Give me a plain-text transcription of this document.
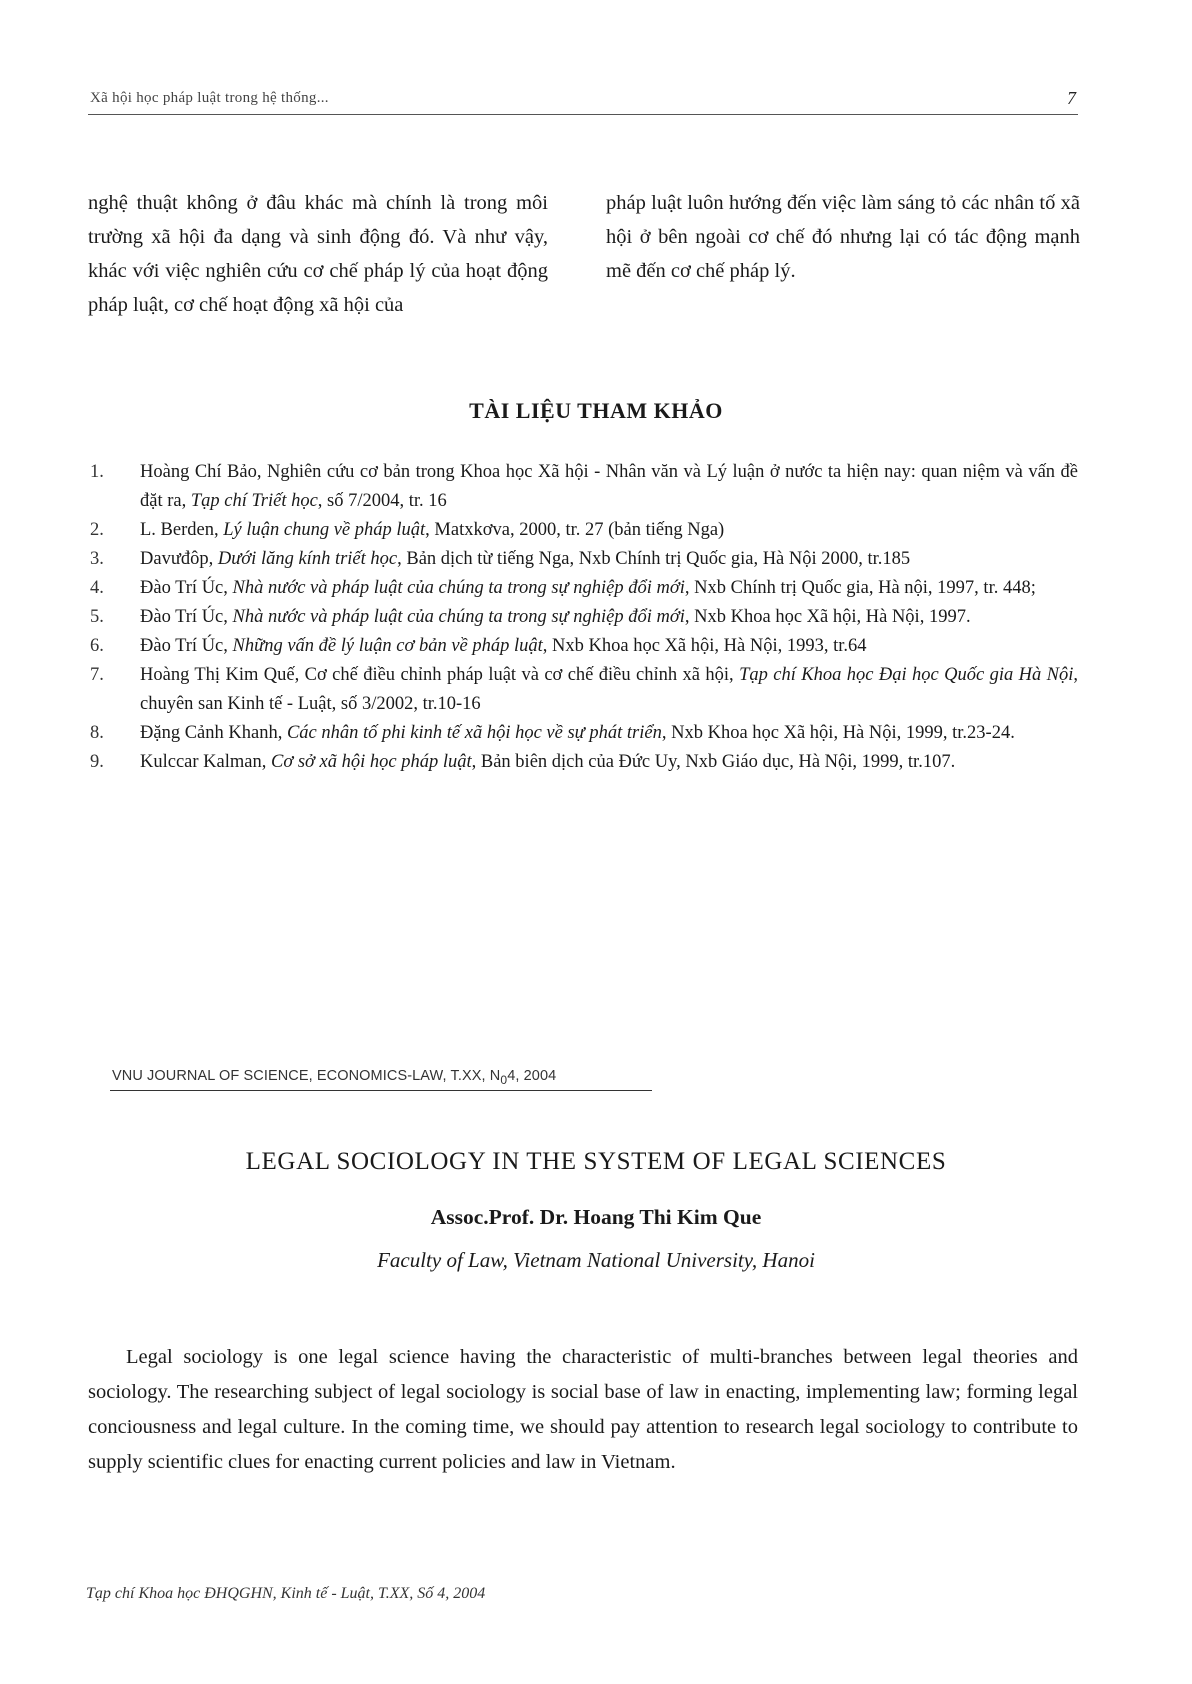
Xã hội học pháp luật trong hệ thống...	7
nghệ thuật không ở đâu khác mà chính là trong môi trường xã hội đa dạng và sinh động đó. Và như vậy, khác với việc nghiên cứu cơ chế pháp lý của hoạt động pháp luật, cơ chế hoạt động xã hội của
pháp luật luôn hướng đến việc làm sáng tỏ các nhân tố xã hội ở bên ngoài cơ chế đó nhưng lại có tác động mạnh mẽ đến cơ chế pháp lý.
TÀI LIỆU THAM KHẢO
1. Hoàng Chí Bảo, Nghiên cứu cơ bản trong Khoa học Xã hội - Nhân văn và Lý luận ở nước ta hiện nay: quan niệm và vấn đề đặt ra, Tạp chí Triết học, số 7/2004, tr. 16
2. L. Berden, Lý luận chung về pháp luật, Matxkơva, 2000, tr. 27 (bản tiếng Nga)
3. Davưđôp, Dưới lăng kính triết học, Bản dịch từ tiếng Nga, Nxb Chính trị Quốc gia, Hà Nội 2000, tr.185
4. Đào Trí Úc, Nhà nước và pháp luật của chúng ta trong sự nghiệp đổi mới, Nxb Chính trị Quốc gia, Hà nội, 1997, tr. 448;
5. Đào Trí Úc, Nhà nước và pháp luật của chúng ta trong sự nghiệp đổi mới, Nxb Khoa học Xã hội, Hà Nội, 1997.
6. Đào Trí Úc, Những vấn đề lý luận cơ bản về pháp luật, Nxb Khoa học Xã hội, Hà Nội, 1993, tr.64
7. Hoàng Thị Kim Quế, Cơ chế điều chỉnh pháp luật và cơ chế điều chỉnh xã hội, Tạp chí Khoa học Đại học Quốc gia Hà Nội, chuyên san Kinh tế - Luật, số 3/2002, tr.10-16
8. Đặng Cảnh Khanh, Các nhân tố phi kinh tế xã hội học về sự phát triển, Nxb Khoa học Xã hội, Hà Nội, 1999, tr.23-24.
9. Kulccar Kalman, Cơ sở xã hội học pháp luật, Bản biên dịch của Đức Uy, Nxb Giáo dục, Hà Nội, 1999, tr.107.
VNU JOURNAL OF SCIENCE, ECONOMICS-LAW, T.XX, $N_04$, 2004
LEGAL SOCIOLOGY IN THE SYSTEM OF LEGAL SCIENCES
Assoc.Prof. Dr. Hoang Thi Kim Que
Faculty of Law, Vietnam National University, Hanoi
Legal sociology is one legal science having the characteristic of multi-branches between legal theories and sociology. The researching subject of legal sociology is social base of law in enacting, implementing law; forming legal conciousness and legal culture. In the coming time, we should pay attention to research legal sociology to contribute to supply scientific clues for enacting current policies and law in Vietnam.
Tạp chí Khoa học ĐHQGHN, Kinh tế - Luật, T.XX, Số 4, 2004
